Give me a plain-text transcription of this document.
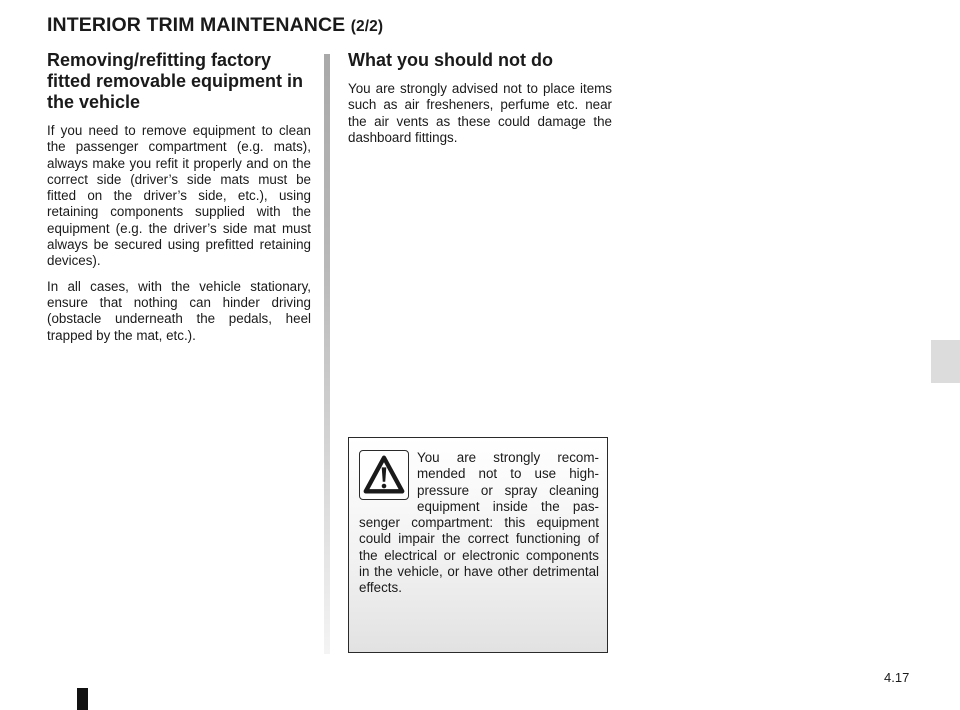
INTERIOR TRIM MAINTENANCE (2/2)
Removing/refitting factory fitted removable equipment in the vehicle

If you need to remove equipment to clean the passenger compartment (e.g. mats), always make you refit it properly and on the correct side (driver’s side mats must be fitted on the driver’s side, etc.), using retaining components supplied with the equipment (e.g. the driver’s side mat must always be secured using prefitted retaining devices).

In all cases, with the vehicle stationary, ensure that nothing can hinder driving (obstacle underneath the pedals, heel trapped by the mat, etc.).

What you should not do

You are strongly advised not to place items such as air fresheners, perfume etc. near the air vents as these could damage the dashboard fittings.

You are strongly recommended not to use high-pressure or spray cleaning equipment inside the passenger compartment: this equipment could impair the correct functioning of the electrical or electronic components in the vehicle, or have other detrimental effects.

4.17
